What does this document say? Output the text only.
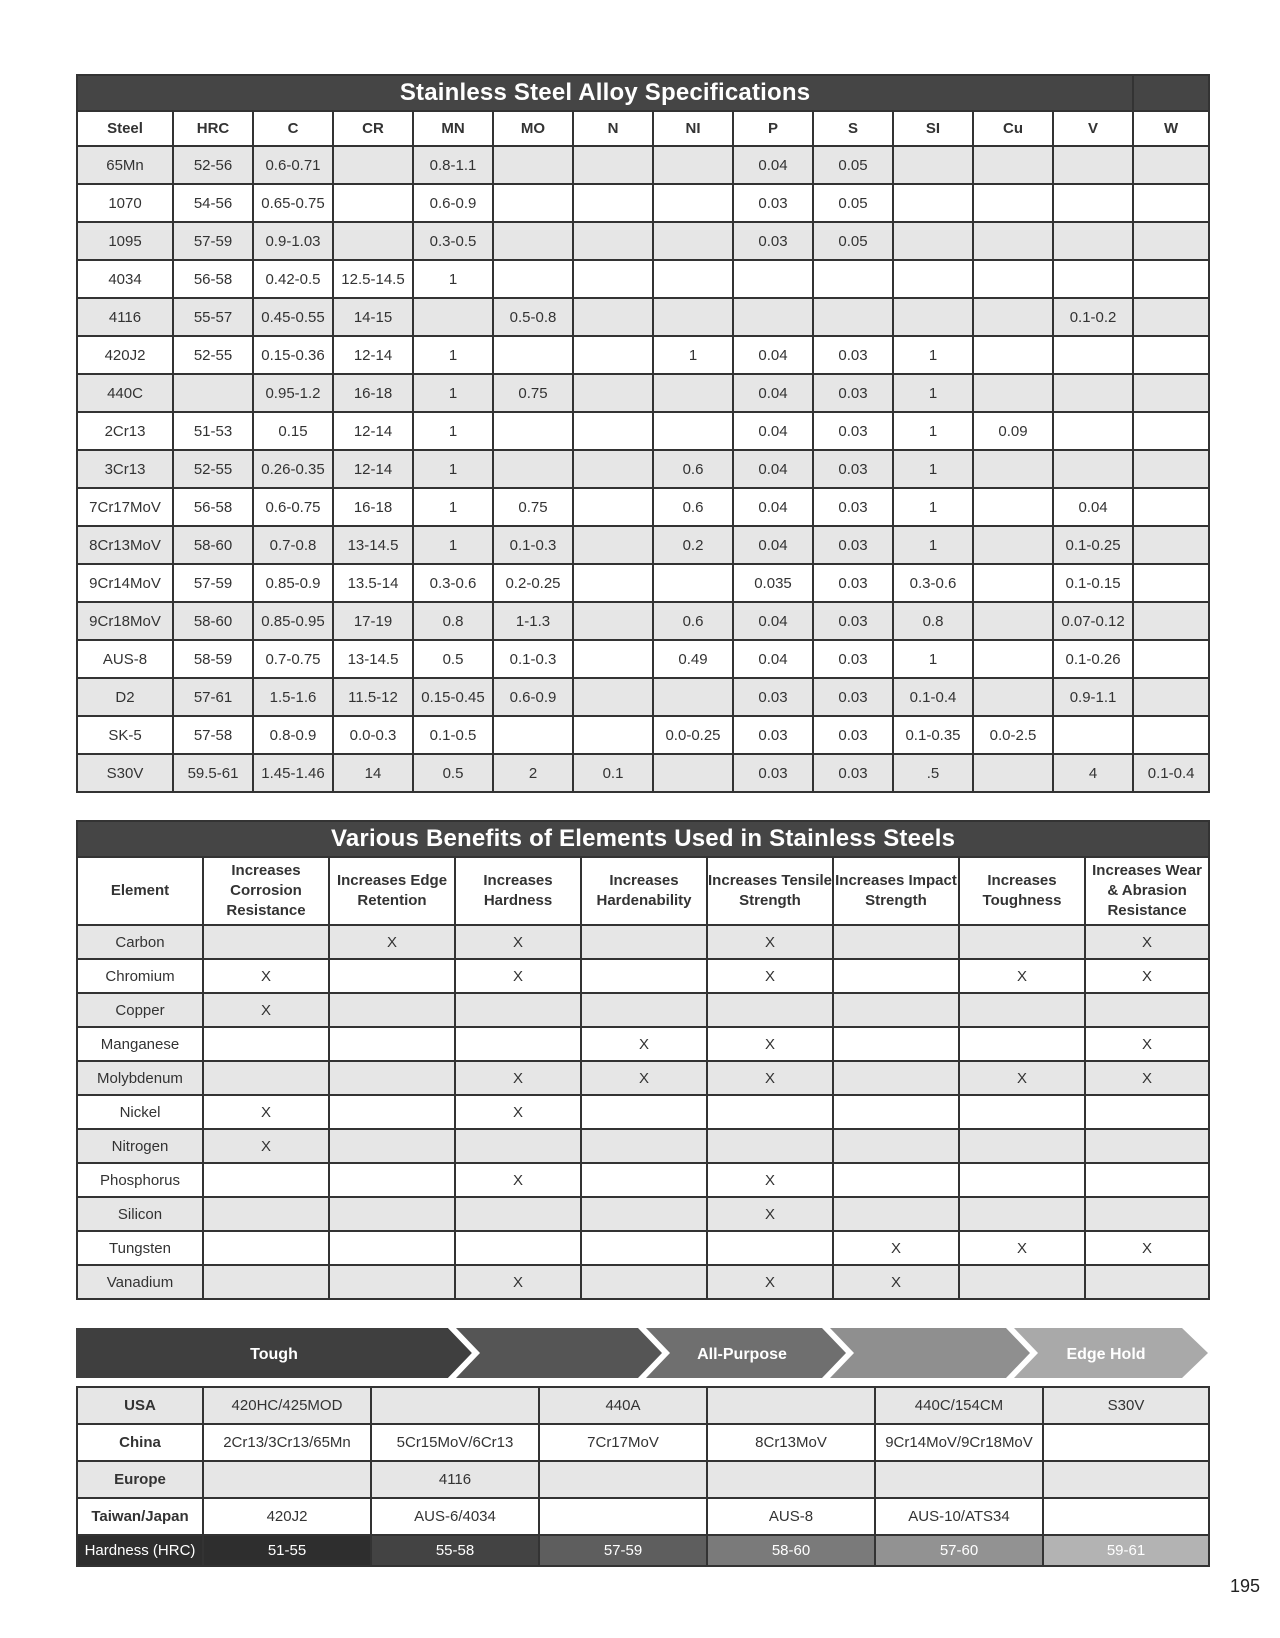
Stainless Steel Alloy Specifications													
Steel	HRC	C	CR	MN	MO	N	NI	P	S	SI	Cu	V	W
65Mn	52-56	0.6-0.71		0.8-1.1				0.04	0.05				
1070	54-56	0.65-0.75		0.6-0.9				0.03	0.05				
1095	57-59	0.9-1.03		0.3-0.5				0.03	0.05				
4034	56-58	0.42-0.5	12.5-14.5	1									
4116	55-57	0.45-0.55	14-15		0.5-0.8							0.1-0.2	
420J2	52-55	0.15-0.36	12-14	1			1	0.04	0.03	1			
440C		0.95-1.2	16-18	1	0.75			0.04	0.03	1			
2Cr13	51-53	0.15	12-14	1				0.04	0.03	1	0.09		
3Cr13	52-55	0.26-0.35	12-14	1			0.6	0.04	0.03	1			
7Cr17MoV	56-58	0.6-0.75	16-18	1	0.75		0.6	0.04	0.03	1		0.04	
8Cr13MoV	58-60	0.7-0.8	13-14.5	1	0.1-0.3		0.2	0.04	0.03	1		0.1-0.25	
9Cr14MoV	57-59	0.85-0.9	13.5-14	0.3-0.6	0.2-0.25			0.035	0.03	0.3-0.6		0.1-0.15	
9Cr18MoV	58-60	0.85-0.95	17-19	0.8	1-1.3		0.6	0.04	0.03	0.8		0.07-0.12	
AUS-8	58-59	0.7-0.75	13-14.5	0.5	0.1-0.3		0.49	0.04	0.03	1		0.1-0.26	
D2	57-61	1.5-1.6	11.5-12	0.15-0.45	0.6-0.9			0.03	0.03	0.1-0.4		0.9-1.1	
SK-5	57-58	0.8-0.9	0.0-0.3	0.1-0.5			0.0-0.25	0.03	0.03	0.1-0.35	0.0-2.5		
S30V	59.5-61	1.45-1.46	14	0.5	2	0.1		0.03	0.03	.5		4	0.1-0.4
Various Benefits of Elements Used in Stainless Steels								
Element	Increases Corrosion Resistance	Increases Edge Retention	Increases Hardness	Increases Hardenability	Increases Tensile Strength	Increases Impact Strength	Increases Toughness	Increases Wear & Abrasion Resistance
Carbon		X	X		X			X
Chromium	X		X		X		X	X
Copper	X							
Manganese				X	X			X
Molybdenum			X	X	X		X	X
Nickel	X		X					
Nitrogen	X							
Phosphorus			X		X			
Silicon					X			
Tungsten						X	X	X
Vanadium			X		X	X		
Tough	All-Purpose	Edge Hold
USA	420HC/425MOD		440A		440C/154CM	S30V
China	2Cr13/3Cr13/65Mn	5Cr15MoV/6Cr13	7Cr17MoV	8Cr13MoV	9Cr14MoV/9Cr18MoV	
Europe		4116				
Taiwan/Japan	420J2	AUS-6/4034		AUS-8	AUS-10/ATS34	
Hardness (HRC)	51-55	55-58	57-59	58-60	57-60	59-61
195
